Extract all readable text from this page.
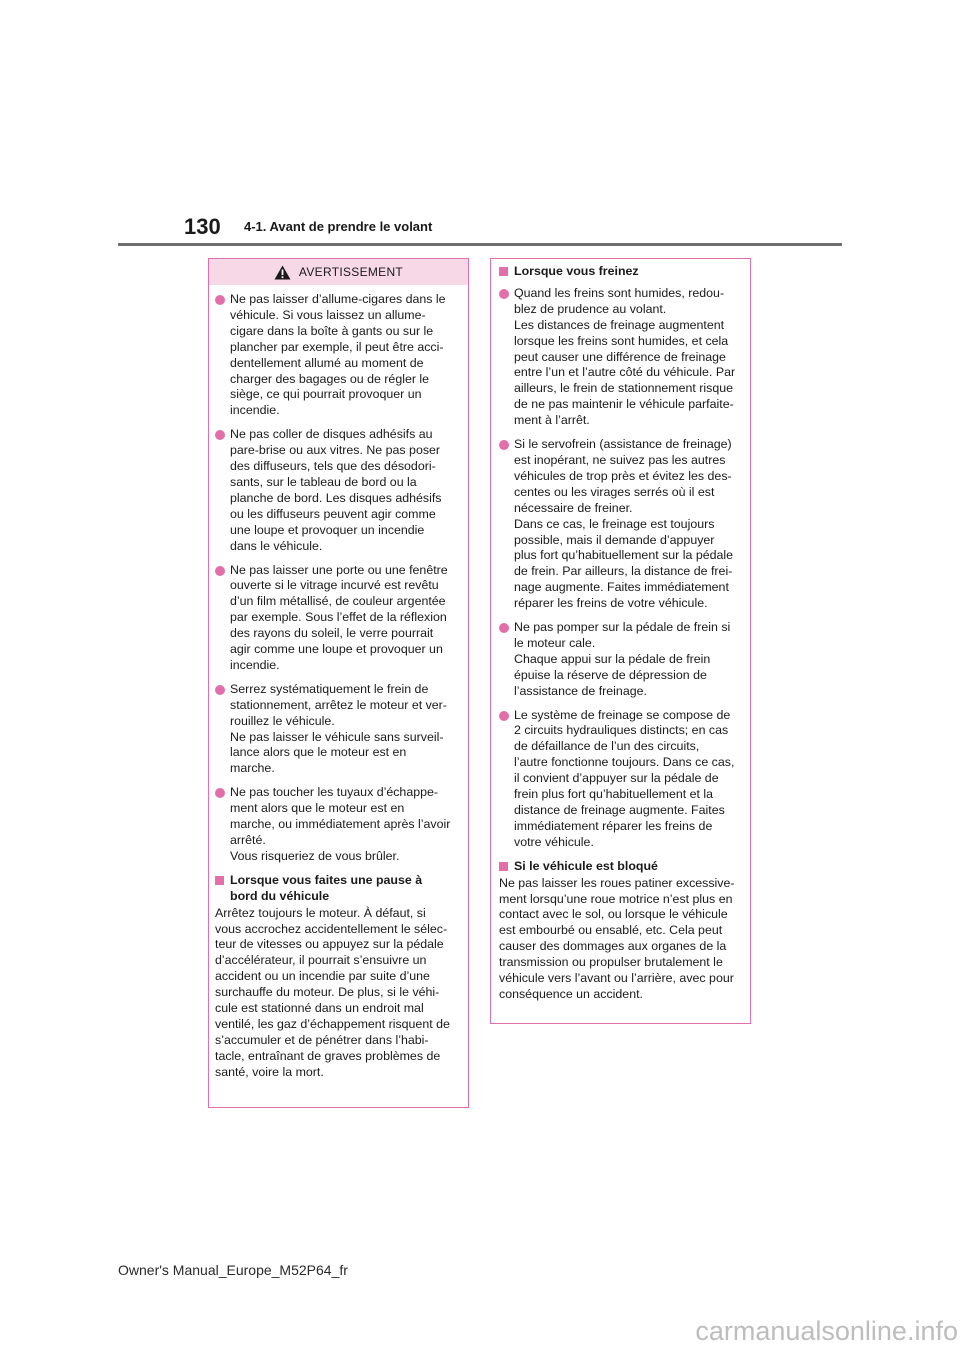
130 4-1. Avant de prendre le volant
AVERTISSEMENT
Ne pas laisser d’allume-cigares dans le
véhicule. Si vous laissez un allume-
cigare dans la boîte à gants ou sur le
plancher par exemple, il peut être acci-
dentellement allumé au moment de
charger des bagages ou de régler le
siège, ce qui pourrait provoquer un
incendie.
Ne pas coller de disques adhésifs au
pare-brise ou aux vitres. Ne pas poser
des diffuseurs, tels que des désodori-
sants, sur le tableau de bord ou la
planche de bord. Les disques adhésifs
ou les diffuseurs peuvent agir comme
une loupe et provoquer un incendie
dans le véhicule.
Ne pas laisser une porte ou une fenêtre
ouverte si le vitrage incurvé est revêtu
d’un film métallisé, de couleur argentée
par exemple. Sous l’effet de la réflexion
des rayons du soleil, le verre pourrait
agir comme une loupe et provoquer un
incendie.
Serrez systématiquement le frein de
stationnement, arrêtez le moteur et ver-
rouillez le véhicule.
Ne pas laisser le véhicule sans surveil-
lance alors que le moteur est en
marche.
Ne pas toucher les tuyaux d’échappe-
ment alors que le moteur est en
marche, ou immédiatement après l’avoir
arrêté.
Vous risqueriez de vous brûler.
Lorsque vous faites une pause à
bord du véhicule
Arrêtez toujours le moteur. À défaut, si
vous accrochez accidentellement le sélec-
teur de vitesses ou appuyez sur la pédale
d’accélérateur, il pourrait s’ensuivre un
accident ou un incendie par suite d’une
surchauffe du moteur. De plus, si le véhi-
cule est stationné dans un endroit mal
ventilé, les gaz d’échappement risquent de
s’accumuler et de pénétrer dans l’habi-
tacle, entraînant de graves problèmes de
santé, voire la mort.
Lorsque vous freinez
Quand les freins sont humides, redou-
blez de prudence au volant.
Les distances de freinage augmentent
lorsque les freins sont humides, et cela
peut causer une différence de freinage
entre l’un et l’autre côté du véhicule. Par
ailleurs, le frein de stationnement risque
de ne pas maintenir le véhicule parfaite-
ment à l’arrêt.
Si le servofrein (assistance de freinage)
est inopérant, ne suivez pas les autres
véhicules de trop près et évitez les des-
centes ou les virages serrés où il est
nécessaire de freiner.
Dans ce cas, le freinage est toujours
possible, mais il demande d’appuyer
plus fort qu’habituellement sur la pédale
de frein. Par ailleurs, la distance de frei-
nage augmente. Faites immédiatement
réparer les freins de votre véhicule.
Ne pas pomper sur la pédale de frein si
le moteur cale.
Chaque appui sur la pédale de frein
épuise la réserve de dépression de
l’assistance de freinage.
Le système de freinage se compose de
2 circuits hydrauliques distincts; en cas
de défaillance de l’un des circuits,
l’autre fonctionne toujours. Dans ce cas,
il convient d’appuyer sur la pédale de
frein plus fort qu’habituellement et la
distance de freinage augmente. Faites
immédiatement réparer les freins de
votre véhicule.
Si le véhicule est bloqué
Ne pas laisser les roues patiner excessive-
ment lorsqu’une roue motrice n’est plus en
contact avec le sol, ou lorsque le véhicule
est embourbé ou ensablé, etc. Cela peut
causer des dommages aux organes de la
transmission ou propulser brutalement le
véhicule vers l’avant ou l’arrière, avec pour
conséquence un accident.
Owner's Manual_Europe_M52P64_fr
carmanualsonline.info
